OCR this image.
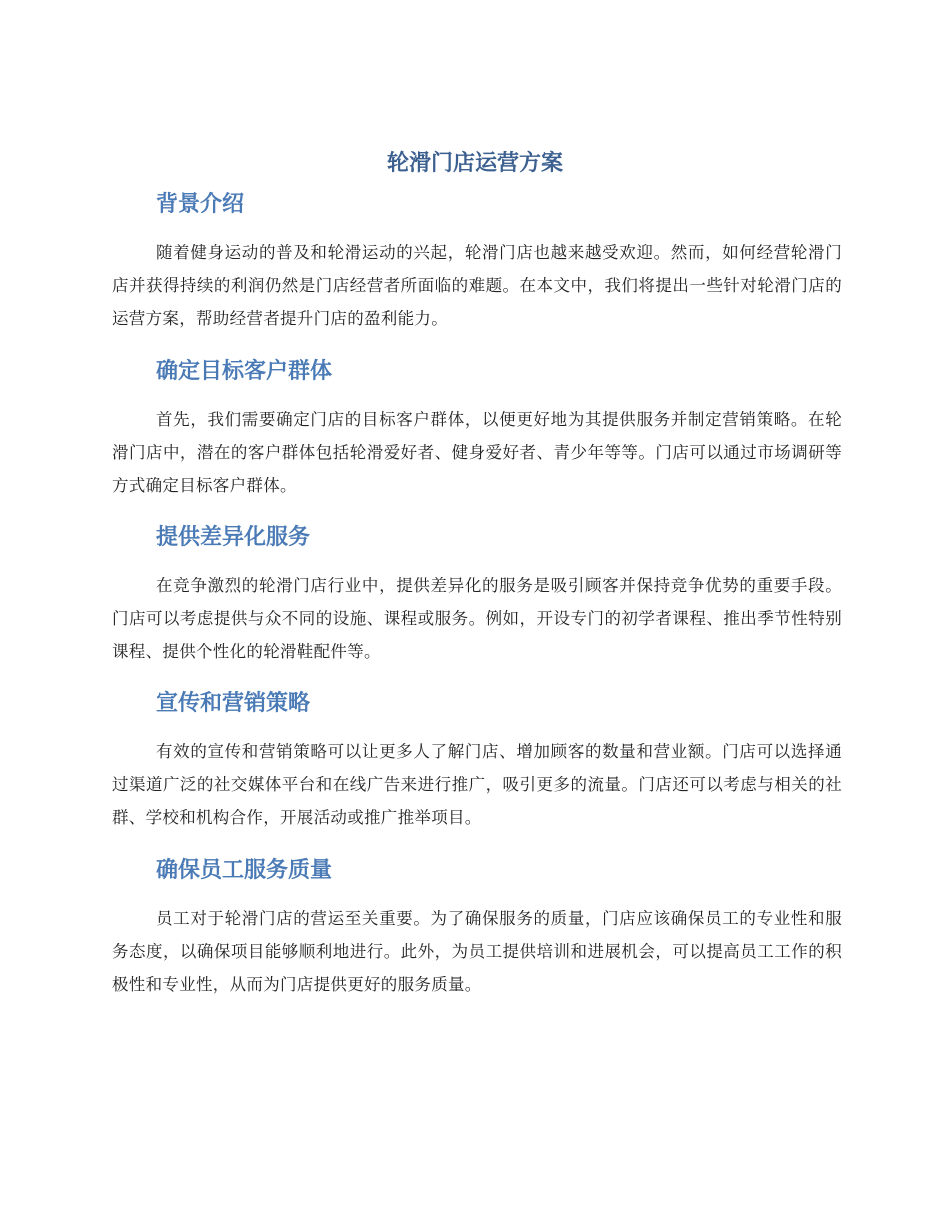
轮滑门店运营方案
背景介绍

随着健身运动的普及和轮滑运动的兴起，轮滑门店也越来越受欢迎。然而，如何经营轮滑门店并获得持续的利润仍然是门店经营者所面临的难题。在本文中，我们将提出一些针对轮滑门店的运营方案，帮助经营者提升门店的盈利能力。

确定目标客户群体

首先，我们需要确定门店的目标客户群体，以便更好地为其提供服务并制定营销策略。在轮滑门店中，潜在的客户群体包括轮滑爱好者、健身爱好者、青少年等等。门店可以通过市场调研等方式确定目标客户群体。

提供差异化服务

在竞争激烈的轮滑门店行业中，提供差异化的服务是吸引顾客并保持竞争优势的重要手段。门店可以考虑提供与众不同的设施、课程或服务。例如，开设专门的初学者课程、推出季节性特别课程、提供个性化的轮滑鞋配件等。

宣传和营销策略

有效的宣传和营销策略可以让更多人了解门店、增加顾客的数量和营业额。门店可以选择通过渠道广泛的社交媒体平台和在线广告来进行推广，吸引更多的流量。门店还可以考虑与相关的社群、学校和机构合作，开展活动或推广推举项目。

确保员工服务质量

员工对于轮滑门店的营运至关重要。为了确保服务的质量，门店应该确保员工的专业性和服务态度，以确保项目能够顺利地进行。此外，为员工提供培训和进展机会，可以提高员工工作的积极性和专业性，从而为门店提供更好的服务质量。
